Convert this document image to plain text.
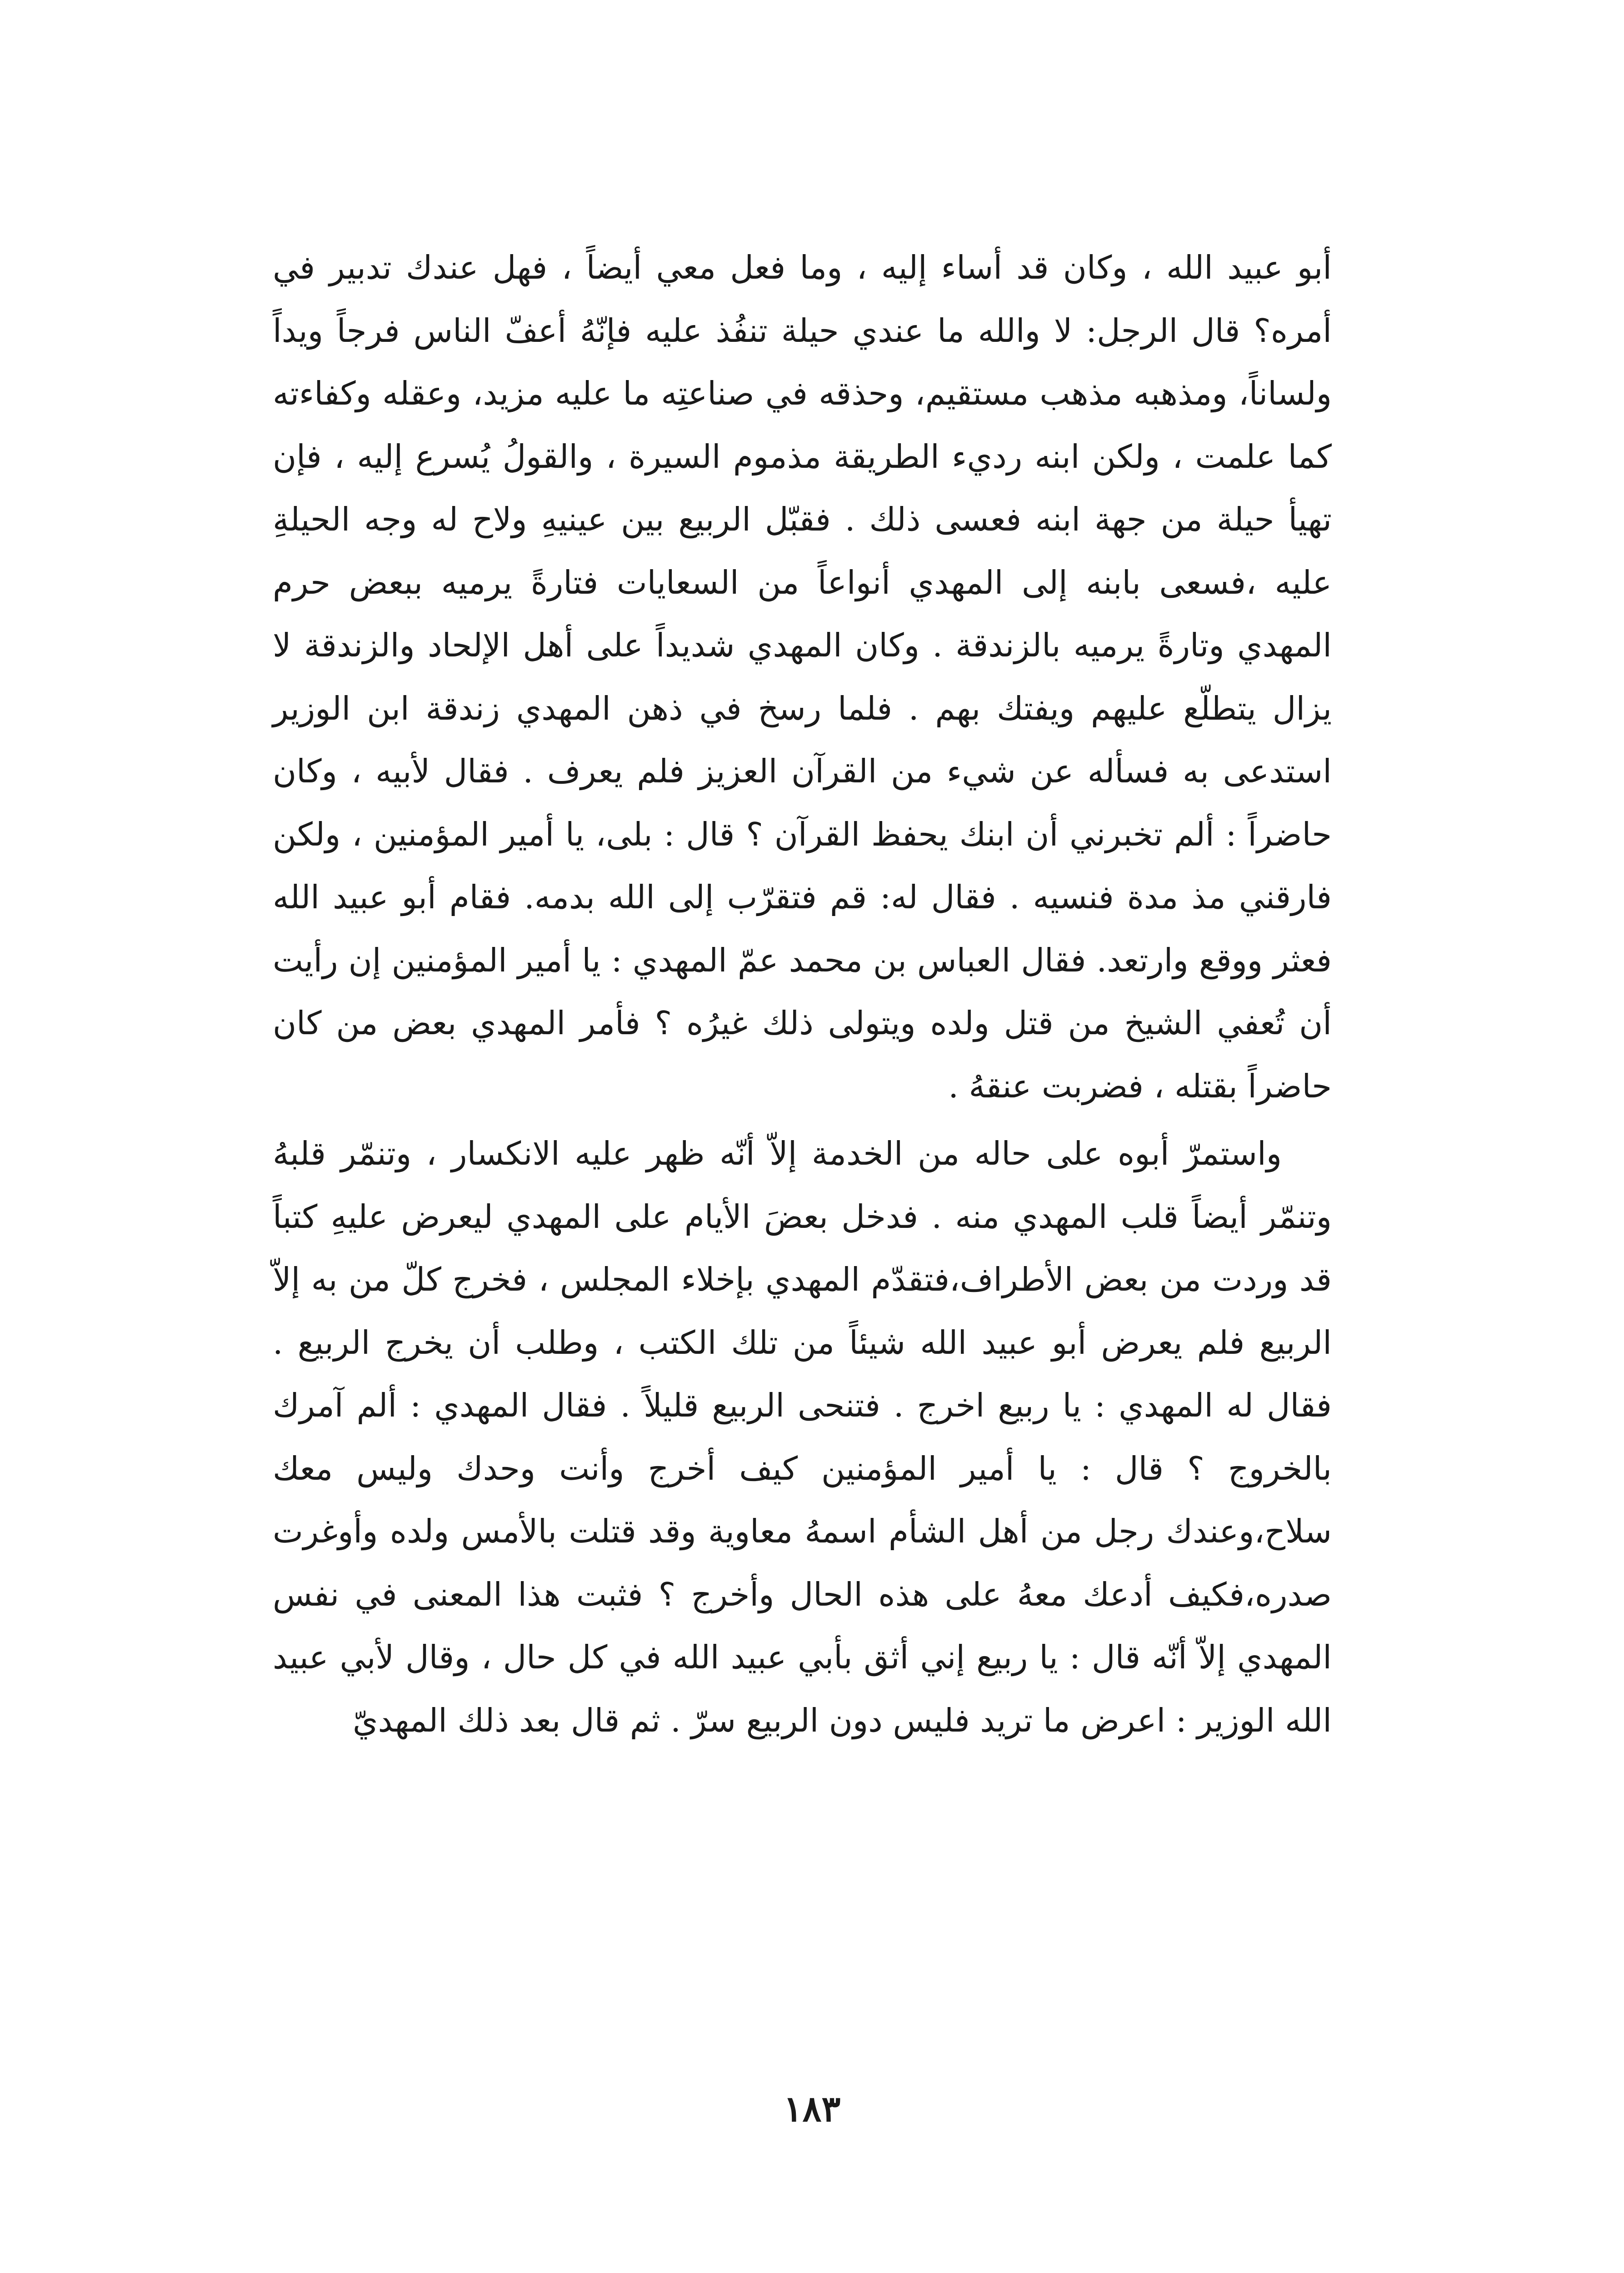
أبو عبيد الله ، وكان قد أساء إليه ، وما فعل معي أيضاً ، فهل عندك تدبير في أمره؟ قال الرجل: لا والله ما عندي حيلة تنفُذ عليه فإنّهُ أعفّ الناس فرجاً ويداً ولساناً، ومذهبه مذهب مستقيم، وحذقه في صناعتِه ما عليه مزيد، وعقله وكفاءته كما علمت ، ولكن ابنه رديء الطريقة مذموم السيرة ، والقولُ يُسرع إليه ، فإن تهيأ حيلة من جهة ابنه فعسى ذلك . فقبّل الربيع بين عينيهِ ولاح له وجه الحيلةِ عليه ،فسعى بابنه إلى المهدي أنواعاً من السعايات فتارةً يرميه ببعض حرم المهدي وتارةً يرميه بالزندقة . وكان المهدي شديداً على أهل الإلحاد والزندقة لا يزال يتطلّع عليهم ويفتك بهم . فلما رسخ في ذهن المهدي زندقة ابن الوزير استدعى به فسأله عن شيء من القرآن العزيز فلم يعرف . فقال لأبيه ، وكان حاضراً : ألم تخبرني أن ابنك يحفظ القرآن ؟ قال : بلى، يا أمير المؤمنين ، ولكن فارقني مذ مدة فنسيه . فقال له: قم فتقرّب إلى الله بدمه. فقام أبو عبيد الله فعثر ووقع وارتعد. فقال العباس بن محمد عمّ المهدي : يا أمير المؤمنين إن رأيت أن تُعفي الشيخ من قتل ولده ويتولى ذلك غيرُه ؟ فأمر المهدي بعض من كان حاضراً بقتله ، فضربت عنقهُ .

واستمرّ أبوه على حاله من الخدمة إلاّ أنّه ظهر عليه الانكسار ، وتنمّر قلبهُ وتنمّر أيضاً قلب المهدي منه . فدخل بعضَ الأيام على المهدي ليعرض عليهِ كتباً قد وردت من بعض الأطراف،فتقدّم المهدي بإخلاء المجلس ، فخرج كلّ من به إلاّ الربيع فلم يعرض أبو عبيد الله شيئاً من تلك الكتب ، وطلب أن يخرج الربيع . فقال له المهدي : يا ربيع اخرج . فتنحى الربيع قليلاً . فقال المهدي : ألم آمرك بالخروج ؟ قال : يا أمير المؤمنين كيف أخرج وأنت وحدك وليس معك سلاح،وعندك رجل من أهل الشأم اسمهُ معاوية وقد قتلت بالأمس ولده وأوغرت صدره،فكيف أدعك معهُ على هذه الحال وأخرج ؟ فثبت هذا المعنى في نفس المهدي إلاّ أنّه قال : يا ربيع إني أثق بأبي عبيد الله في كل حال ، وقال لأبي عبيد الله الوزير : اعرض ما تريد فليس دون الربيع سرّ . ثم قال بعد ذلك المهديّ

١٨٣
